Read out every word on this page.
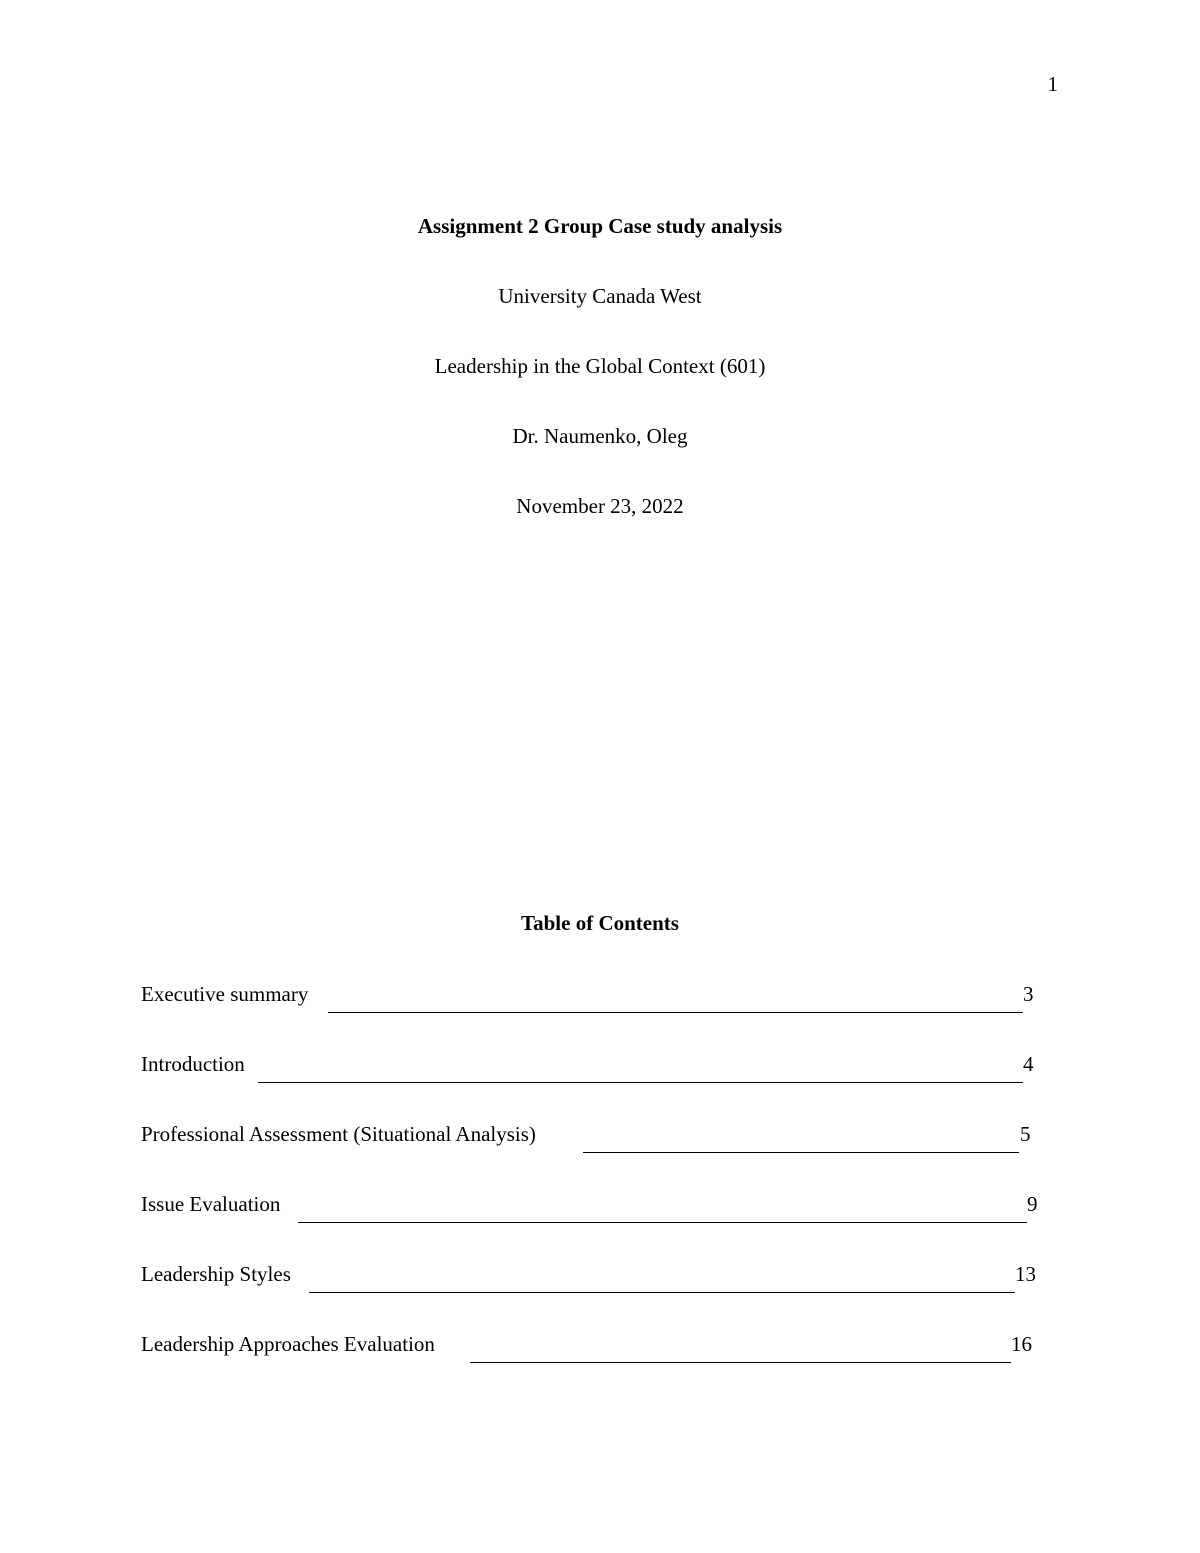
1
Assignment 2 Group Case study analysis
University Canada West
Leadership in the Global Context (601)
Dr. Naumenko, Oleg
November 23, 2022
Table of Contents
Executive summary	3
Introduction	4
Professional Assessment (Situational Analysis)	5
Issue Evaluation	9
Leadership Styles	13
Leadership Approaches Evaluation	16
